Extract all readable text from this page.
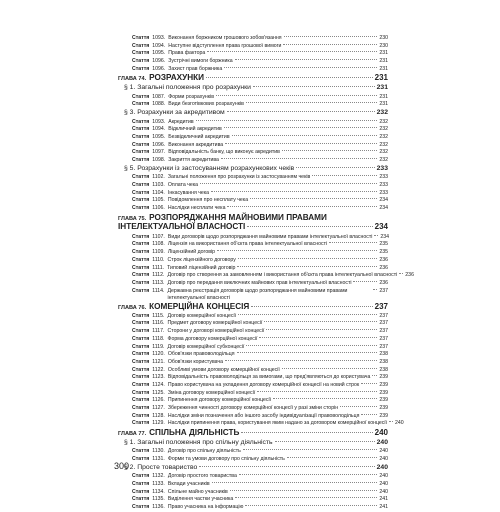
Стаття 1093. Виконання боржником грошового зобов'язання	230
Стаття 1094. Наступне відступлення права грошової вимоги	230
Стаття 1095. Права фактора	231
Стаття 1096. Зустрічні вимоги боржника	231
Стаття 1096. Захист прав боржника	231
ГЛАВА 74. РОЗРАХУНКИ	231
§ 1. Загальні положення про розрахунки	231
Стаття 1087. Форми розрахунків	231
Стаття 1088. Види безготівкових розрахунків	231
§ 3. Розрахунки за акредитивом	232
Стаття 1093. Акредитив	232
Стаття 1094. Відкличний акредитив	232
Стаття 1095. Безвідкличний акредитив	232
Стаття 1096. Виконання акредитива	232
Стаття 1097. Відповідальність банку, що виконує акредитив	232
Стаття 1098. Закриття акредитива	232
§ 5. Розрахунки із застосуванням розрахункових чеків	233
Стаття 1102. Загальні положення про розрахунки із застосуванням чеків	233
Стаття 1103. Оплата чека	233
Стаття 1104. Інкасування чека	233
Стаття 1105. Повідомлення про несплату чека	234
Стаття 1106. Наслідки несплати чека	234
ГЛАВА 75. РОЗПОРЯДЖАННЯ МАЙНОВИМИ ПРАВАМИ
ІНТЕЛЕКТУАЛЬНОЇ ВЛАСНОСТІ	234
Стаття 1107. Види договорів щодо розпоряджання майновими правами інтелектуальної власності 234
Стаття 1108. Ліцензія на використання об'єкта права інтелектуальної власності	235
Стаття 1109. Ліцензійний договір	235
Стаття 1110. Строк ліцензійного договору	236
Стаття 1111. Типовий ліцензійний договір	236
Стаття 1112. Договір про створення за замовленням і використання об'єкта права інтелектуальної власності 236
Стаття 1113. Договір про передання виключних майнових прав інтелектуальної власності	236
Стаття 1114. Державна реєстрація договорів щодо розпоряджання майновими правами інтелектуальної власності
237
ГЛАВА 76. КОМЕРЦІЙНА КОНЦЕСІЯ	237
Стаття 1115. Договір комерційної концесії	237
Стаття 1116. Предмет договору комерційної концесії	237
Стаття 1117. Сторони у договорі комерційної концесії	237
Стаття 1118. Форма договору комерційної концесії	237
Стаття 1119. Договір комерційної субконцесії	237
Стаття 1120. Обов'язки правоволодільця	238
Стаття 1121. Обов'язки користувача	238
Стаття 1122. Особливі умови договору комерційної концесії	238
Стаття 1123. Відповідальність правоволодільця за вимогами, що пред'являються до користувача 239
Стаття 1124. Право користувача на укладення договору комерційної концесії на новий строк	239
Стаття 1125. Зміна договору комерційної концесії	239
Стаття 1126. Припинення договору комерційної концесії	239
Стаття 1127. Збереження чинності договору комерційної концесії у разі зміни сторін	239
Стаття 1128. Наслідки зміни позначення або іншого засобу індивідуалізації правоволодільця	239
Стаття 1129. Наслідки припинення права, користування яким надано за договором комерційної концесії 240
ГЛАВА 77. СПІЛЬНА ДІЯЛЬНІСТЬ	240
§ 1. Загальні положення про спільну діяльність	240
Стаття 1130. Договір про спільну діяльність	240
Стаття 1131. Форми та умови договору про спільну діяльність	240
§ 2. Просте товариство	240
Стаття 1132. Договір простого товариства	240
Стаття 1133. Вклади учасників	240
Стаття 1134. Спільне майно учасників	240
Стаття 1135. Виділення частки учасника	241
Стаття 1136. Право учасника на інформацію	241
300
